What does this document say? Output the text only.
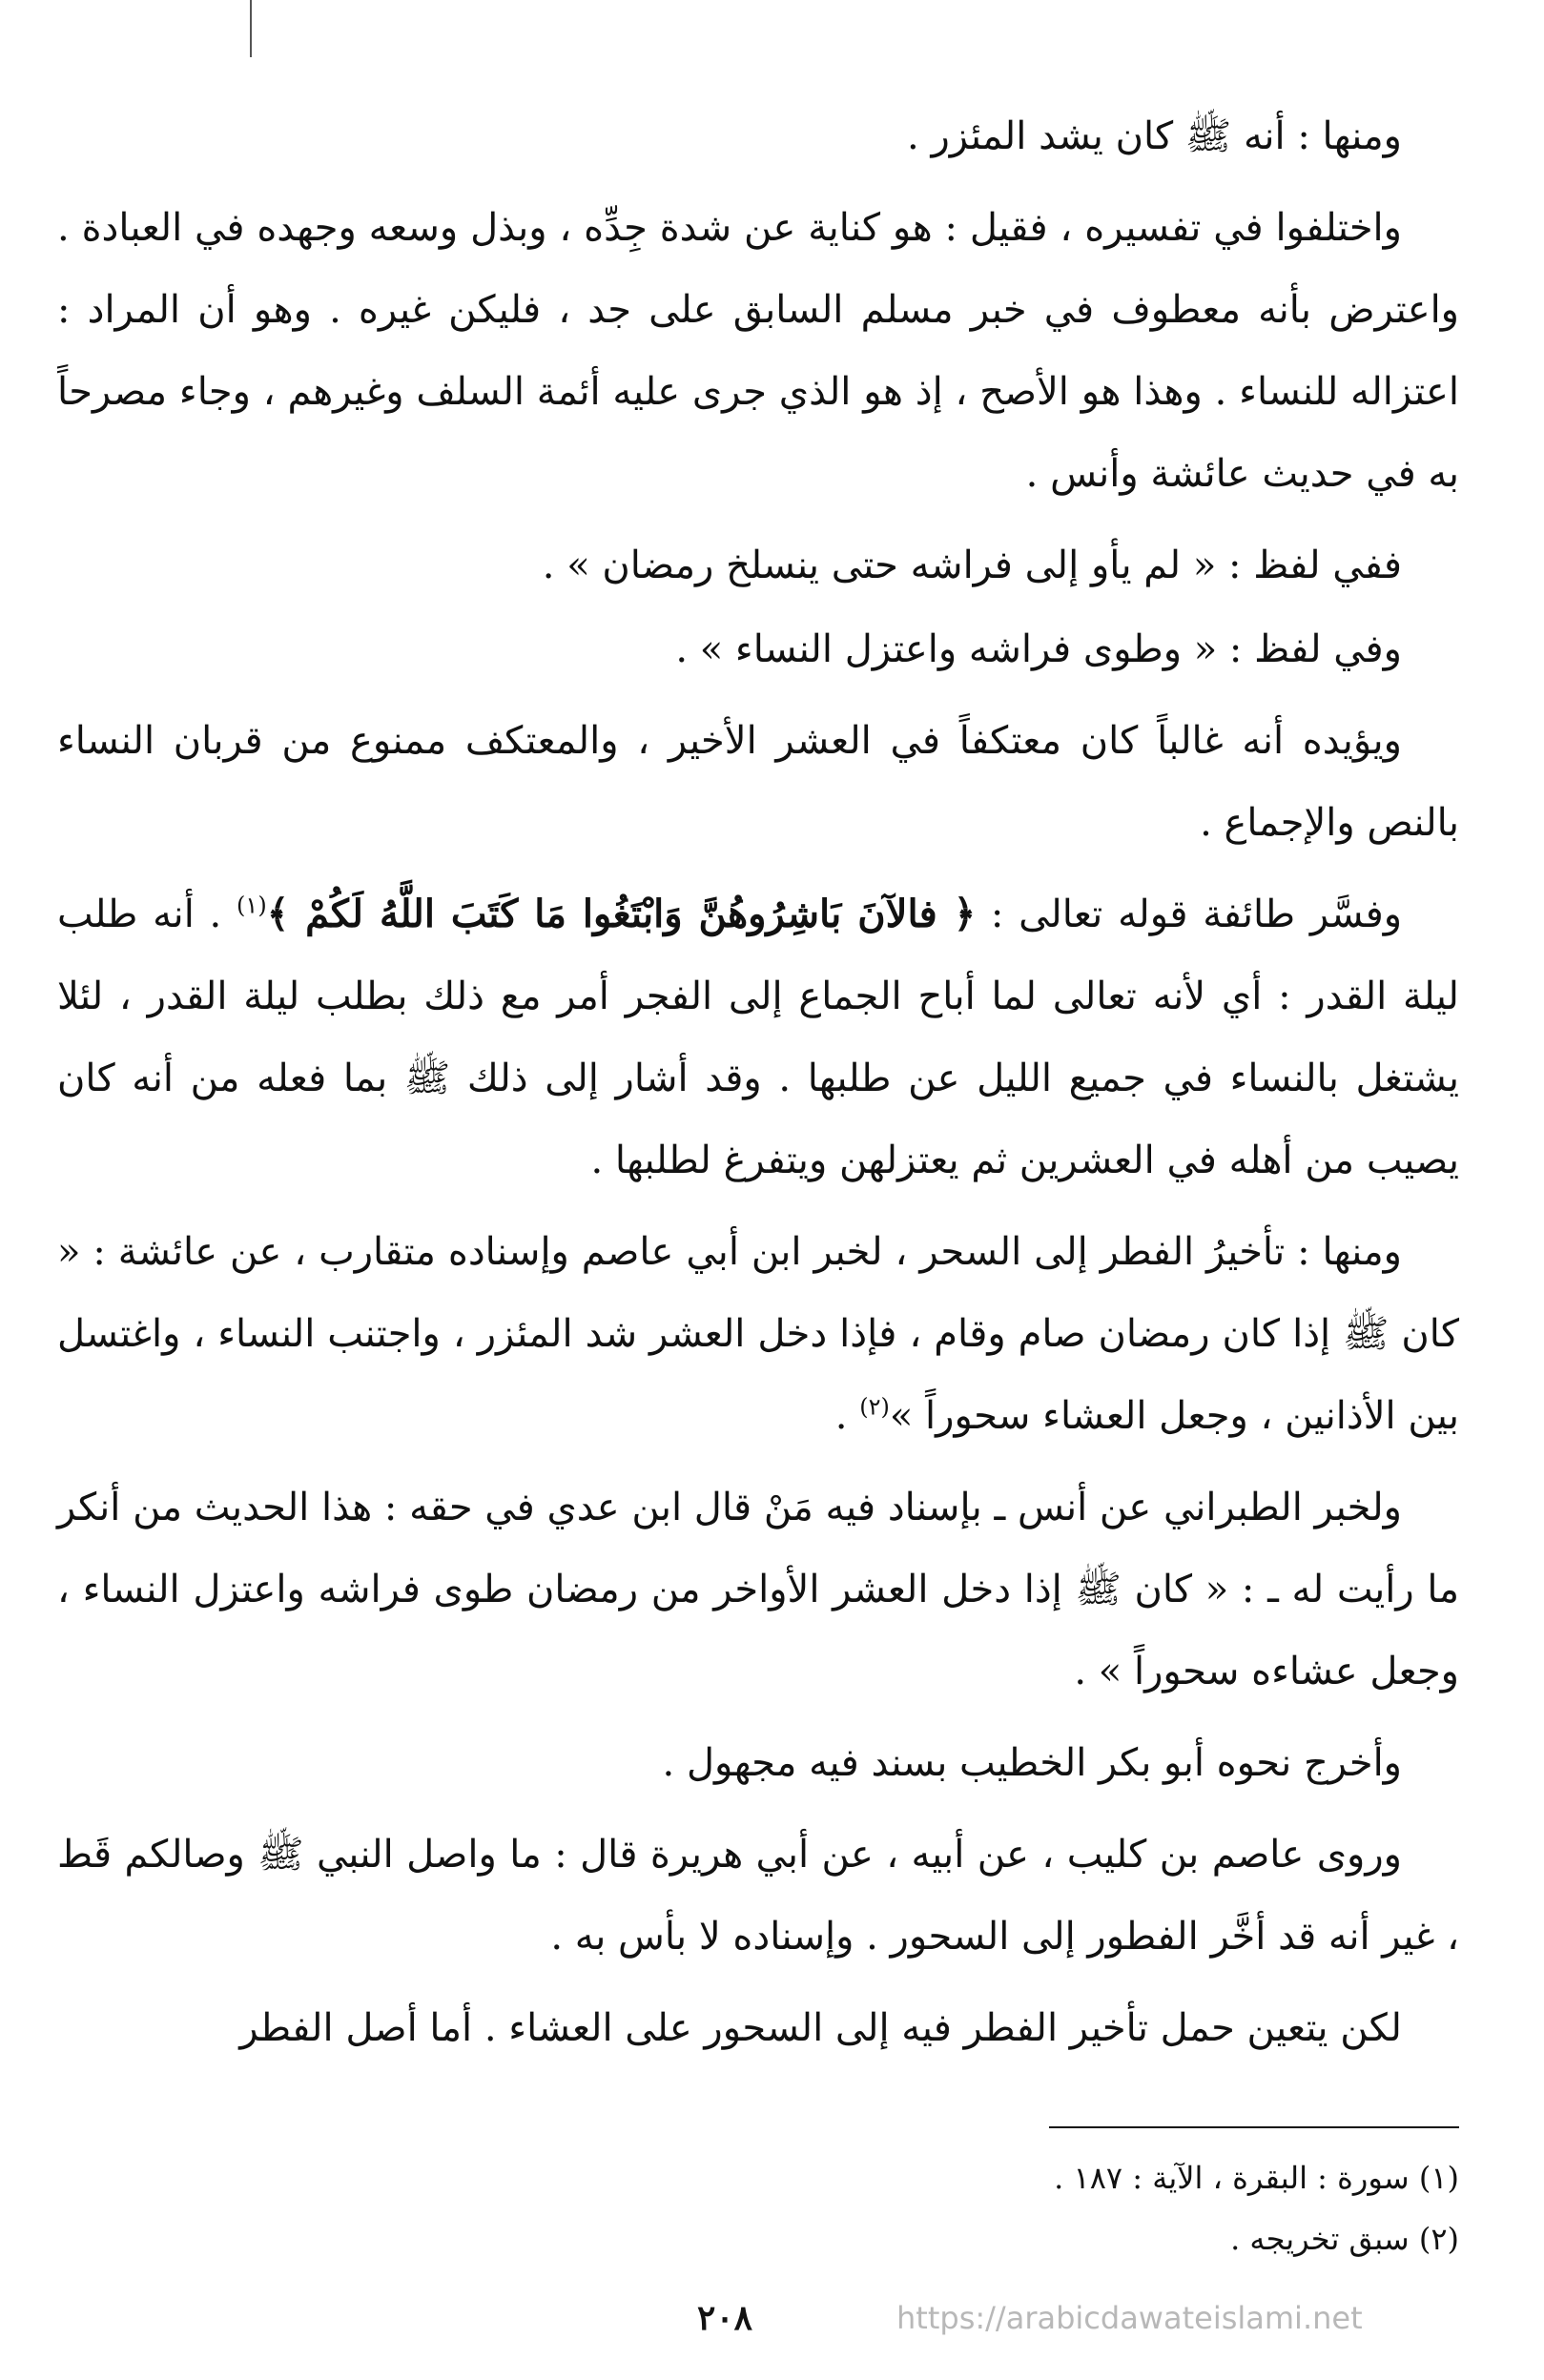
ومنها : أنه ﷺ كان يشد المئزر .

واختلفوا في تفسيره ، فقيل : هو كناية عن شدة جِدِّه ، وبذل وسعه وجهده في العبادة . واعترض بأنه معطوف في خبر مسلم السابق على جد ، فليكن غيره . وهو أن المراد : اعتزاله للنساء . وهذا هو الأصح ، إذ هو الذي جرى عليه أئمة السلف وغيرهم ، وجاء مصرحاً به في حديث عائشة وأنس .

ففي لفظ : « لم يأو إلى فراشه حتى ينسلخ رمضان » .

وفي لفظ : « وطوى فراشه واعتزل النساء » .

ويؤيده أنه غالباً كان معتكفاً في العشر الأخير ، والمعتكف ممنوع من قربان النساء بالنص والإجماع .

وفسَّر طائفة قوله تعالى : ﴿ فالآنَ بَاشِرُوهُنَّ وَابْتَغُوا مَا كَتَبَ اللَّهُ لَكُمْ ﴾$^{(١)}$ . أنه طلب ليلة القدر : أي لأنه تعالى لما أباح الجماع إلى الفجر أمر مع ذلك بطلب ليلة القدر ، لئلا يشتغل بالنساء في جميع الليل عن طلبها . وقد أشار إلى ذلك ﷺ بما فعله من أنه كان يصيب من أهله في العشرين ثم يعتزلهن ويتفرغ لطلبها .

ومنها : تأخيرُ الفطر إلى السحر ، لخبر ابن أبي عاصم وإسناده متقارب ، عن عائشة : « كان ﷺ إذا كان رمضان صام وقام ، فإذا دخل العشر شد المئزر ، واجتنب النساء ، واغتسل بين الأذانين ، وجعل العشاء سحوراً »$^{(٢)}$ .

ولخبر الطبراني عن أنس ـ بإسناد فيه مَنْ قال ابن عدي في حقه : هذا الحديث من أنكر ما رأيت له ـ : « كان ﷺ إذا دخل العشر الأواخر من رمضان طوى فراشه واعتزل النساء ، وجعل عشاءه سحوراً » .

وأخرج نحوه أبو بكر الخطيب بسند فيه مجهول .

وروى عاصم بن كليب ، عن أبيه ، عن أبي هريرة قال : ما واصل النبي ﷺ وصالكم قَط ، غير أنه قد أخَّر الفطور إلى السحور . وإسناده لا بأس به .

لكن يتعين حمل تأخير الفطر فيه إلى السحور على العشاء . أما أصل الفطر

(١) سورة : البقرة ، الآية : ١٨٧ .

(٢) سبق تخريجه .

٢٠٨	https://arabicdawateislami.net
